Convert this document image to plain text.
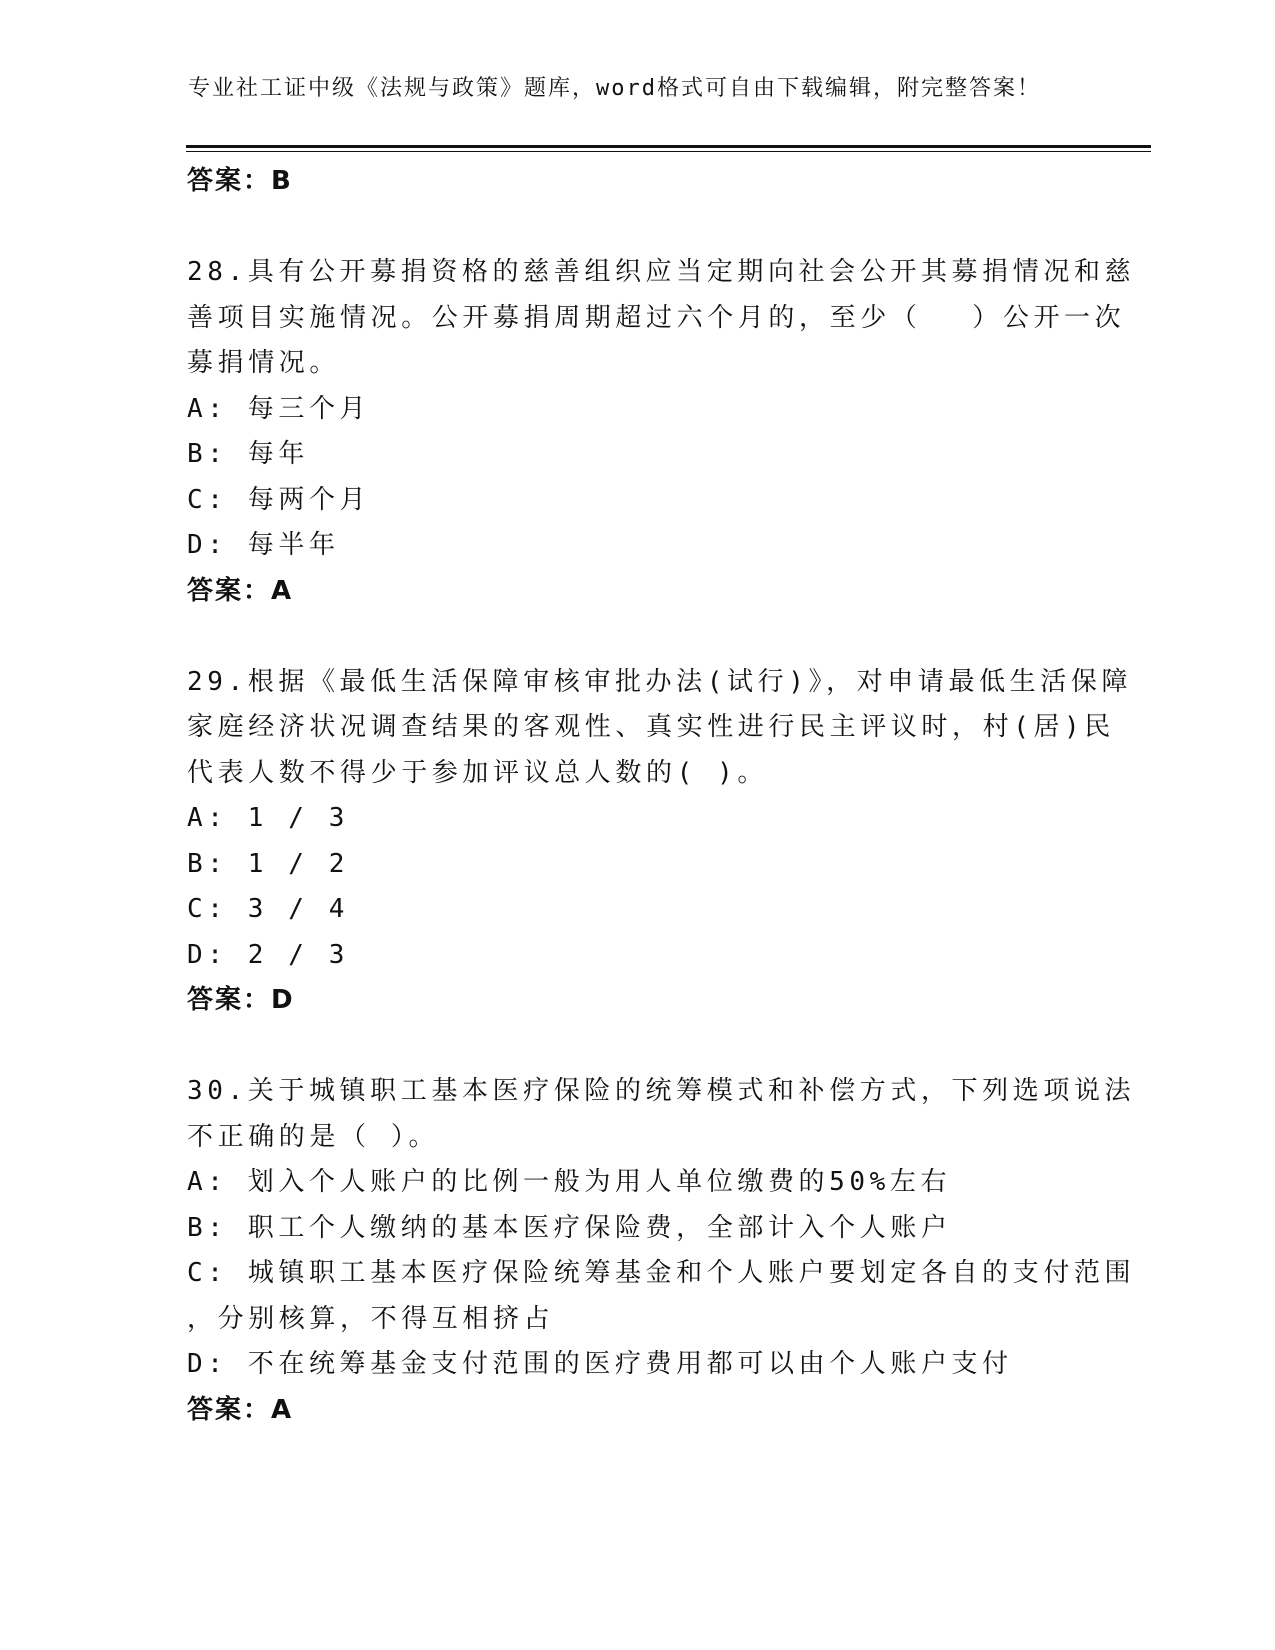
专业社工证中级《法规与政策》题库，word格式可自由下载编辑，附完整答案！
答案：B
28.具有公开募捐资格的慈善组织应当定期向社会公开其募捐情况和慈
善项目实施情况。公开募捐周期超过六个月的，至少（　 ）公开一次
募捐情况。
A: 每三个月
B: 每年
C: 每两个月
D: 每半年
答案：A
29.根据《最低生活保障审核审批办法(试行)》，对申请最低生活保障
家庭经济状况调查结果的客观性、真实性进行民主评议时，村(居)民
代表人数不得少于参加评议总人数的( )。
A: 1 / 3
B: 1 / 2
C: 3 / 4
D: 2 / 3
答案：D
30.关于城镇职工基本医疗保险的统筹模式和补偿方式，下列选项说法
不正确的是（ ）。
A: 划入个人账户的比例一般为用人单位缴费的50%左右
B: 职工个人缴纳的基本医疗保险费，全部计入个人账户
C: 城镇职工基本医疗保险统筹基金和个人账户要划定各自的支付范围
，分别核算，不得互相挤占
D: 不在统筹基金支付范围的医疗费用都可以由个人账户支付
答案：A
